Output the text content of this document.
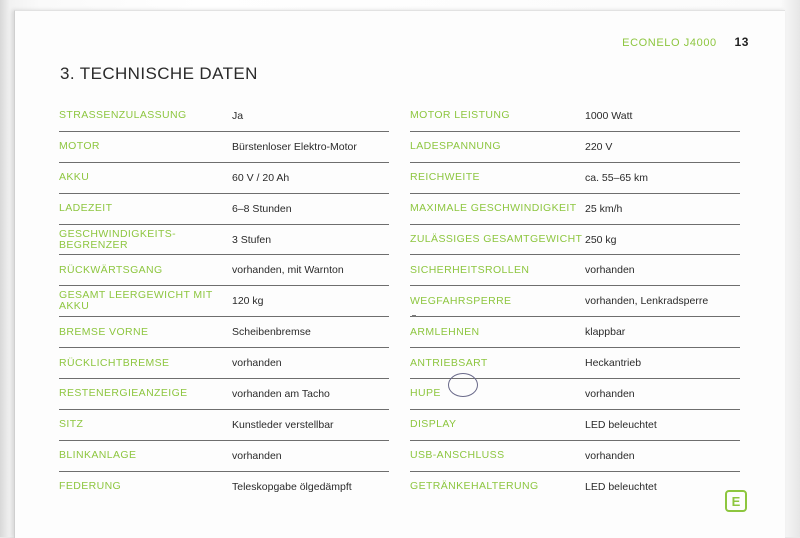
ECONELO J4000 13
3. TECHNISCHE DATEN
STRASSENZULASSUNG	Ja
MOTOR	Bürstenloser Elektro-Motor
AKKU	60 V / 20 Ah
LADEZEIT	6–8 Stunden
GESCHWINDIGKEITS-BEGRENZER	3 Stufen
RÜCKWÄRTSGANG	vorhanden, mit Warnton
GESAMT LEERGEWICHT MIT AKKU	120 kg
BREMSE VORNE	Scheibenbremse
RÜCKLICHTBREMSE	vorhanden
RESTENERGIEANZEIGE	vorhanden am Tacho
SITZ	Kunstleder verstellbar
BLINKANLAGE	vorhanden
FEDERUNG	Teleskopgabe ölgedämpft
MOTOR LEISTUNG	1000 Watt
LADESPANNUNG	220 V
REICHWEITE	ca. 55–65 km
MAXIMALE GESCHWINDIGKEIT 25 km/h
ZULÄSSIGES GESAMTGEWICHT 250 kg
SICHERHEITSROLLEN	vorhanden
WEGFAHRSPERRE	vorhanden, Lenkradsperre
ARMLEHNEN	klappbar
ANTRIEBSART	Heckantrieb
HUPE	vorhanden
DISPLAY	LED beleuchtet
USB-ANSCHLUSS	vorhanden
GETRÄNKEHALTERUNG	LED beleuchtet
E
